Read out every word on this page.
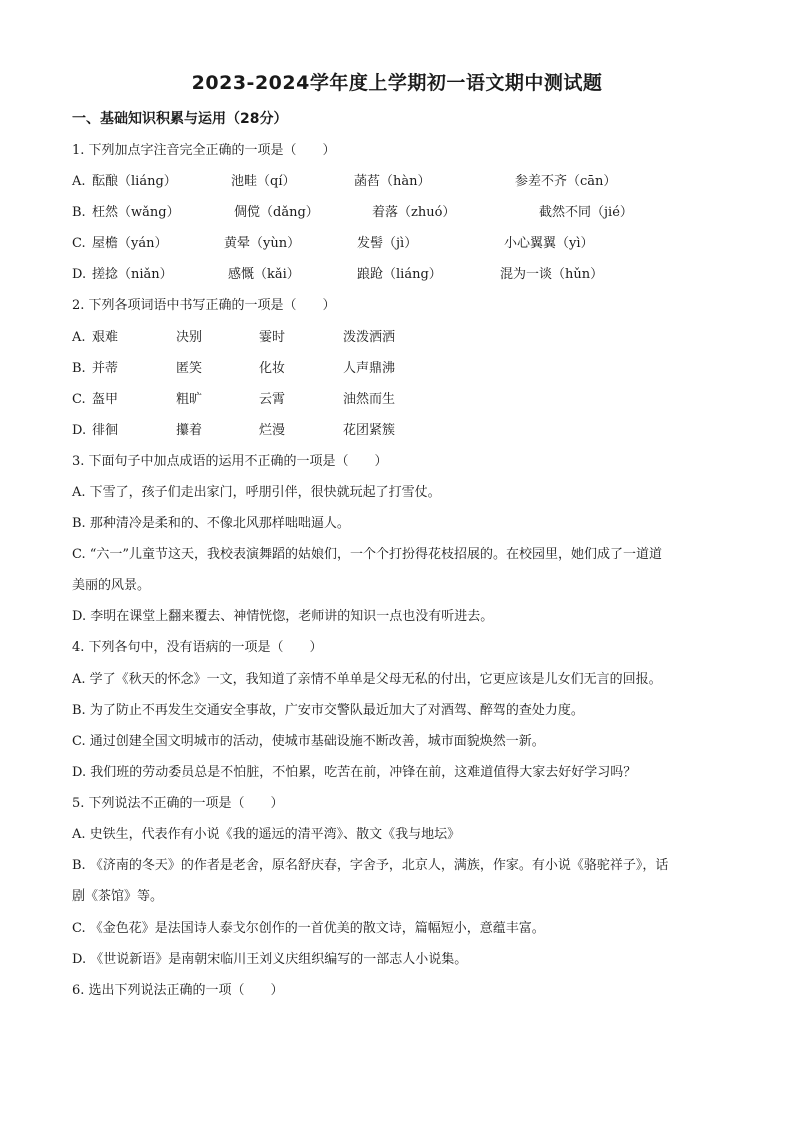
2023-2024学年度上学期初一语文期中测试题
一、基础知识积累与运用（28分）
1. 下列加点字注音完全正确的一项是（　　）
A. 酝酿（liáng）	池畦（qí）	菡萏（hàn）	参差不齐（cān）
B. 枉然（wǎng）	倜傥（dǎng）	着落（zhuó）	截然不同（jié）
C. 屋檐（yán）	黄晕（yùn）	发髻（jì）	小心翼翼（yì）
D. 搓捻（niǎn）	感慨（kǎi）	踉跄（liáng）	混为一谈（hǔn）
2. 下列各项词语中书写正确的一项是（　　）
A. 艰难	决别	霎时	泼泼洒洒
B. 并蒂	匿笑	化妆	人声鼎沸
C. 盔甲	粗旷	云霄	油然而生
D. 徘徊	攥着	烂漫	花团紧簇
3. 下面句子中加点成语的运用不正确的一项是（　　）
A. 下雪了，孩子们走出家门，呼朋引伴，很快就玩起了打雪仗。
B. 那种清冷是柔和的、不像北风那样咄咄逼人。
C. “六一”儿童节这天，我校表演舞蹈的姑娘们，一个个打扮得花枝招展的。在校园里，她们成了一道道
美丽的风景。
D. 李明在课堂上翻来覆去、神情恍惚，老师讲的知识一点也没有听进去。
4. 下列各句中，没有语病的一项是（　　）
A. 学了《秋天的怀念》一文，我知道了亲情不单单是父母无私的付出，它更应该是儿女们无言的回报。
B. 为了防止不再发生交通安全事故，广安市交警队最近加大了对酒驾、醉驾的查处力度。
C. 通过创建全国文明城市的活动，使城市基础设施不断改善，城市面貌焕然一新。
D. 我们班的劳动委员总是不怕脏，不怕累，吃苦在前，冲锋在前，这难道值得大家去好好学习吗？
5. 下列说法不正确的一项是（　　）
A. 史铁生，代表作有小说《我的遥远的清平湾》、散文《我与地坛》
B. 《济南的冬天》的作者是老舍，原名舒庆春，字舍予，北京人，满族，作家。有小说《骆驼祥子》，话
剧《茶馆》等。
C. 《金色花》是法国诗人泰戈尔创作的一首优美的散文诗，篇幅短小，意蕴丰富。
D. 《世说新语》是南朝宋临川王刘义庆组织编写的一部志人小说集。
6. 选出下列说法正确的一项（　　）
